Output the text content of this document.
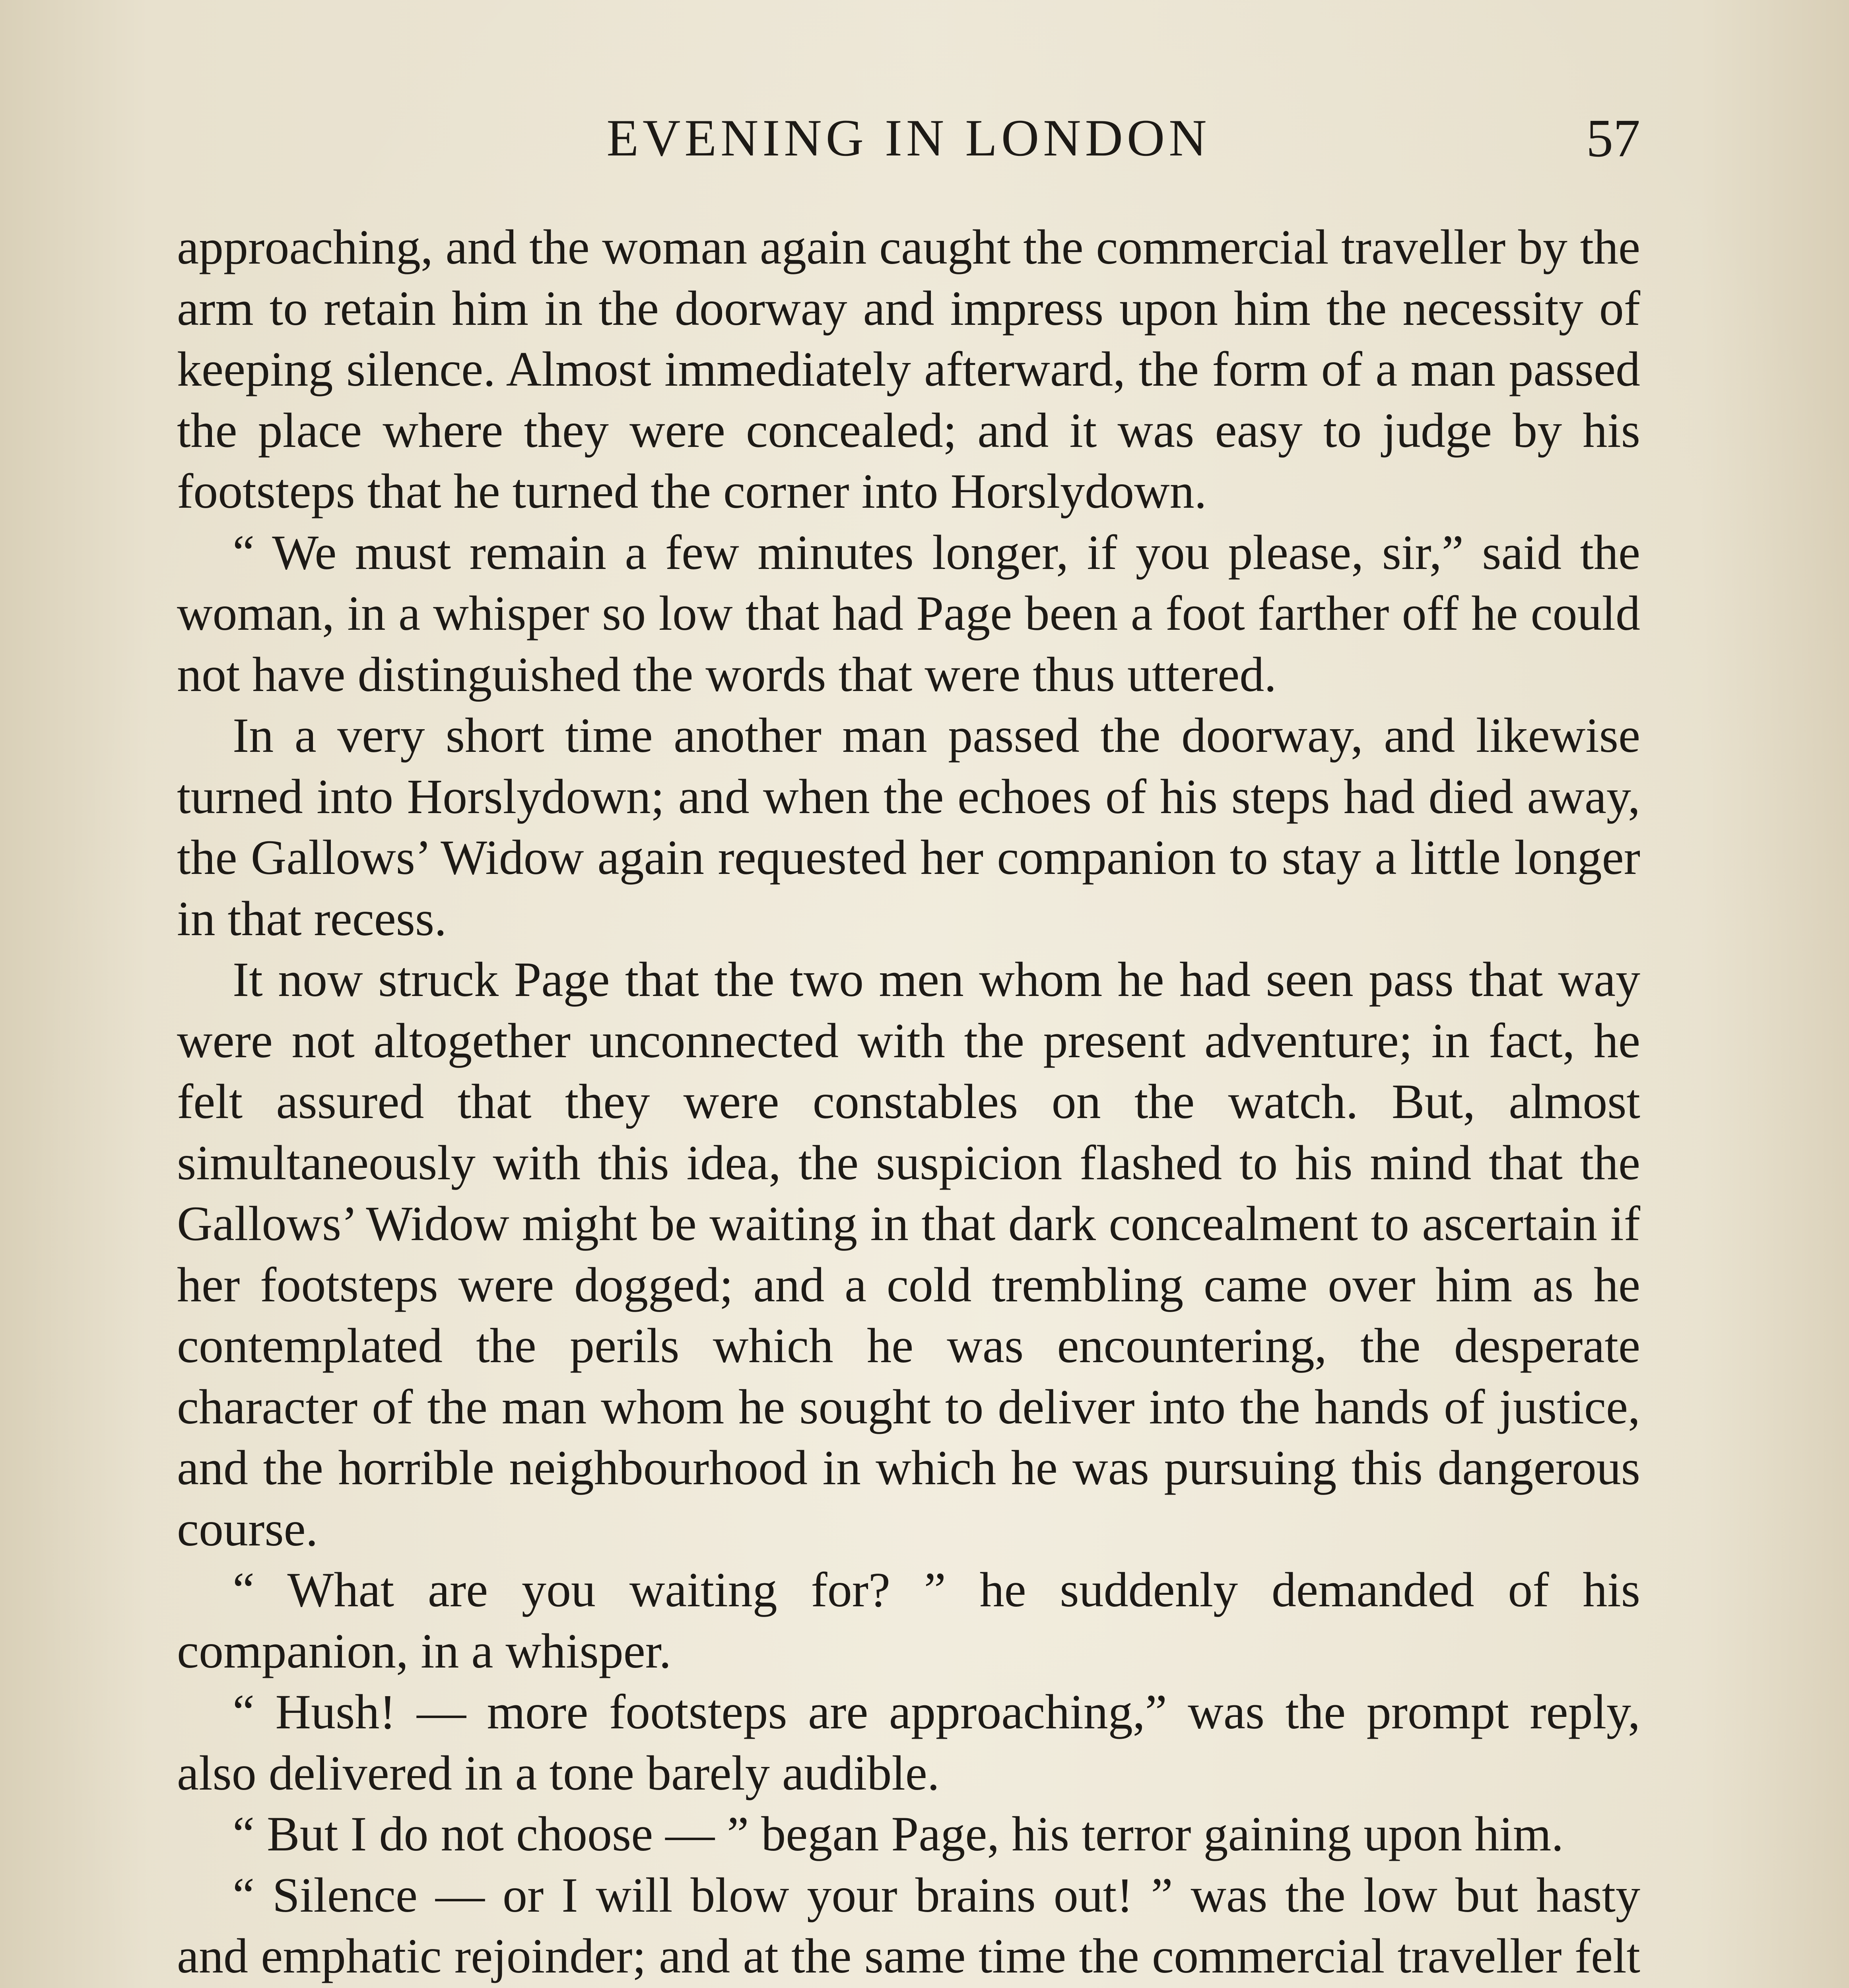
EVENING IN LONDON	57

approaching, and the woman again caught the commercial traveller by the arm to retain him in the doorway and impress upon him the necessity of keeping silence. Almost immediately afterward, the form of a man passed the place where they were concealed; and it was easy to judge by his footsteps that he turned the corner into Horslydown.

“ We must remain a few minutes longer, if you please, sir,” said the woman, in a whisper so low that had Page been a foot farther off he could not have distinguished the words that were thus uttered.

In a very short time another man passed the doorway, and likewise turned into Horslydown; and when the echoes of his steps had died away, the Gallows’ Widow again requested her companion to stay a little longer in that recess.

It now struck Page that the two men whom he had seen pass that way were not altogether unconnected with the present adventure; in fact, he felt assured that they were constables on the watch. But, almost simultaneously with this idea, the suspicion flashed to his mind that the Gallows’ Widow might be waiting in that dark concealment to ascertain if her footsteps were dogged; and a cold trembling came over him as he contemplated the perils which he was encountering, the desperate character of the man whom he sought to deliver into the hands of justice, and the horrible neighbourhood in which he was pursuing this dangerous course.

“ What are you waiting for? ” he suddenly demanded of his companion, in a whisper.

“ Hush! — more footsteps are approaching,” was the prompt reply, also delivered in a tone barely audible.

“ But I do not choose — ” began Page, his terror gaining upon him.

“ Silence — or I will blow your brains out! ” was the low but hasty and emphatic rejoinder; and at the same time the commercial traveller felt
